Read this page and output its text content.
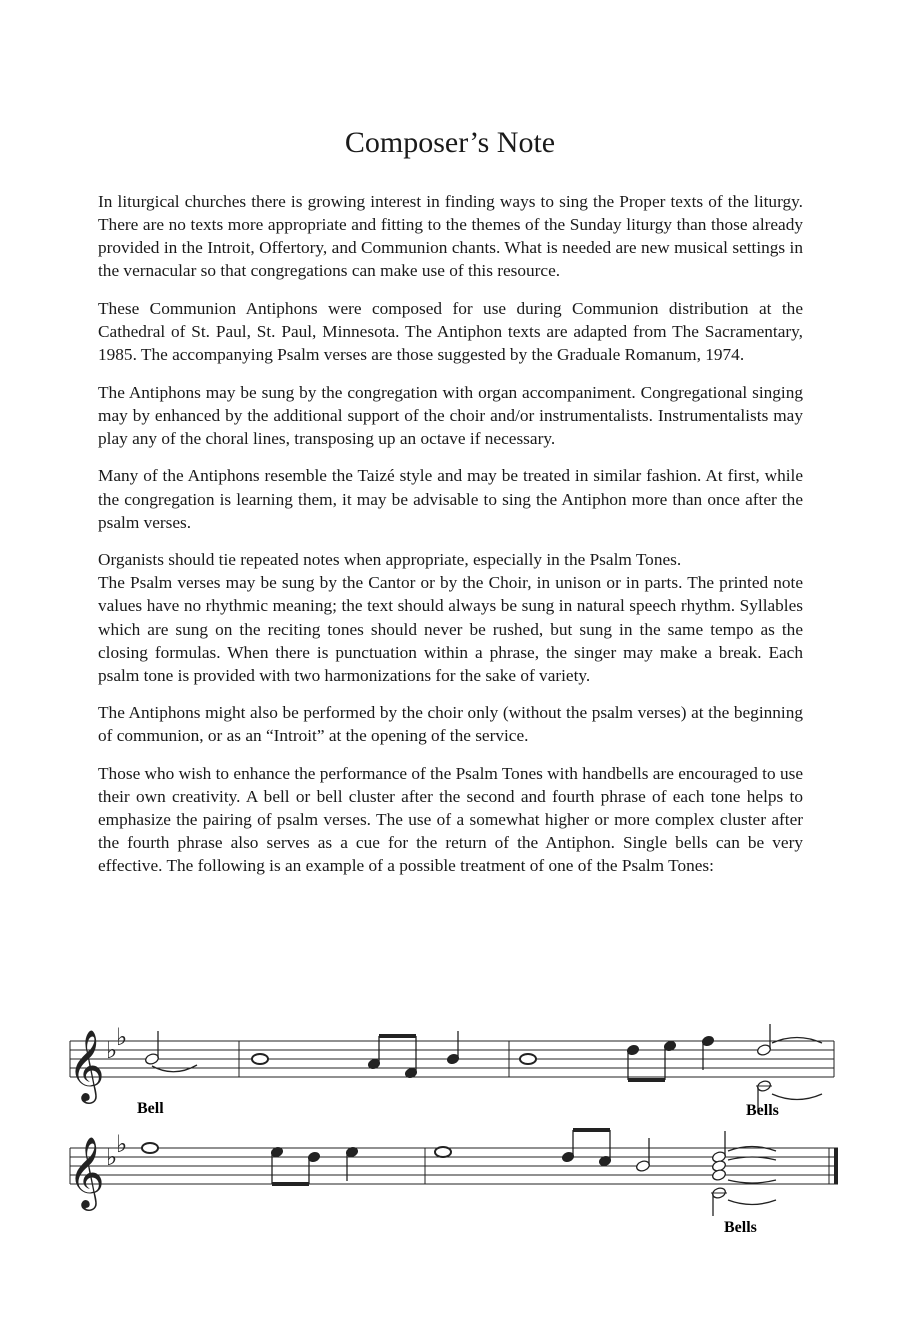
Composer’s Note

In liturgical churches there is growing interest in finding ways to sing the Proper texts of the liturgy. There are no texts more appropriate and fitting to the themes of the Sunday liturgy than those already provided in the Introit, Offertory, and Communion chants. What is needed are new musical settings in the vernacular so that congregations can make use of this resource.

These Communion Antiphons were composed for use during Communion distribution at the Cathedral of St. Paul, St. Paul, Minnesota. The Antiphon texts are adapted from The Sacramentary, 1985. The accompanying Psalm verses are those suggested by the Graduale Romanum, 1974.

The Antiphons may be sung by the congregation with organ accompaniment. Congregational singing may by enhanced by the additional support of the choir and/or instrumentalists. Instrumentalists may play any of the choral lines, transposing up an octave if necessary.

Many of the Antiphons resemble the Taizé style and may be treated in similar fashion. At first, while the congregation is learning them, it may be advisable to sing the Antiphon more than once after the psalm verses.

Organists should tie repeated notes when appropriate, especially in the Psalm Tones.

The Psalm verses may be sung by the Cantor or by the Choir, in unison or in parts. The printed note values have no rhythmic meaning; the text should always be sung in natural speech rhythm. Syllables which are sung on the reciting tones should never be rushed, but sung in the same tempo as the closing formulas. When there is punctuation within a phrase, the singer may make a break. Each psalm tone is provided with two harmonizations for the sake of variety.

The Antiphons might also be performed by the choir only (without the psalm verses) at the beginning of communion, or as an “Introit” at the opening of the service.

Those who wish to enhance the performance of the Psalm Tones with handbells are encouraged to use their own creativity. A bell or bell cluster after the second and fourth phrase of each tone helps to emphasize the pairing of psalm verses. The use of a somewhat higher or more complex cluster after the fourth phrase also serves as a cue for the return of the Antiphon. Single bells can be very effective. The following is an example of a possible treatment of one of the Psalm Tones:

𝄞
𝄞
♭
♭
♭
♭
Bell	Bells
Bells
